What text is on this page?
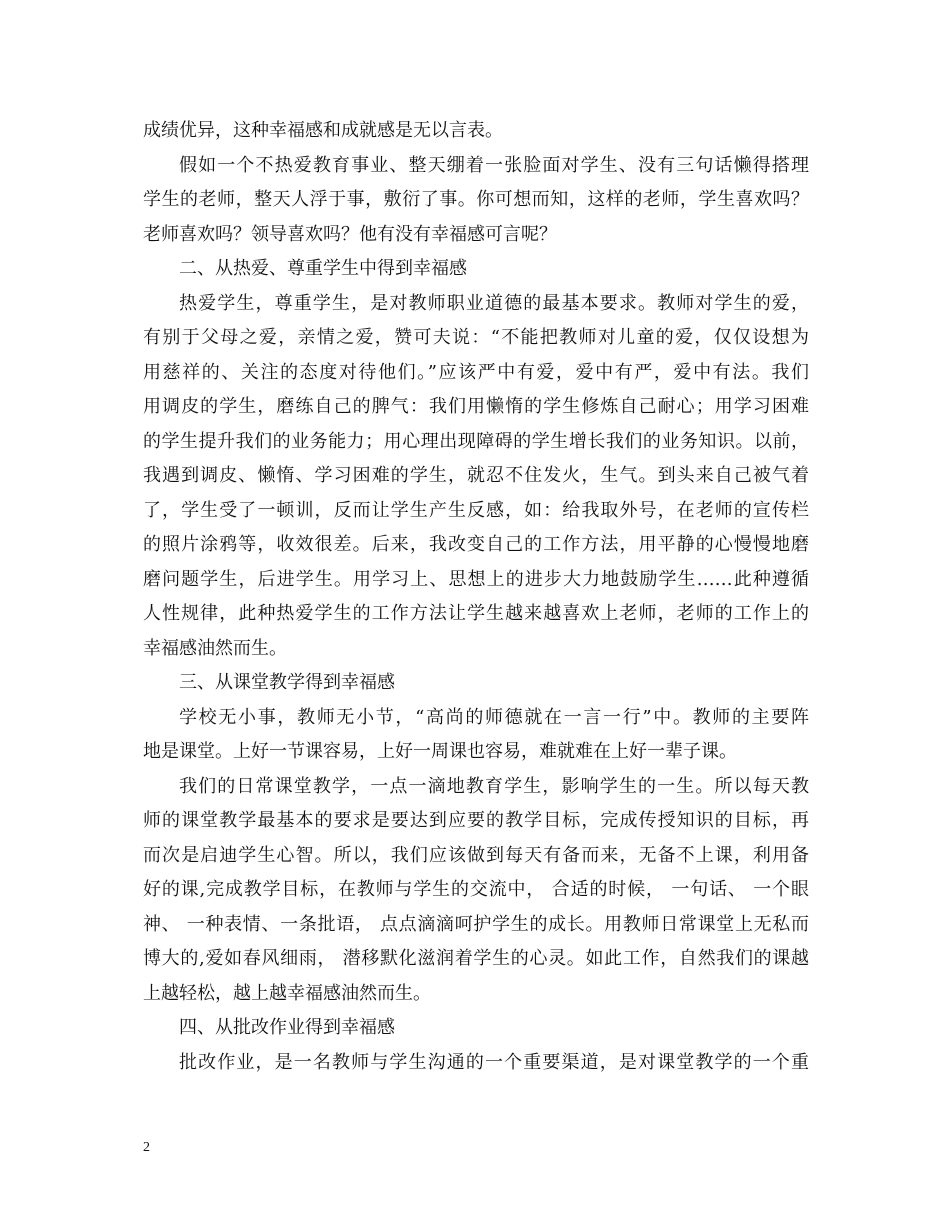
成绩优异，这种幸福感和成就感是无以言表。
假如一个不热爱教育事业、整天绷着一张脸面对学生、没有三句话懒得搭理
学生的老师，整天人浮于事，敷衍了事。你可想而知，这样的老师，学生喜欢吗？
老师喜欢吗？领导喜欢吗？他有没有幸福感可言呢？
二、从热爱、尊重学生中得到幸福感
热爱学生，尊重学生，是对教师职业道德的最基本要求。教师对学生的爱，
有别于父母之爱，亲情之爱，赞可夫说：“不能把教师对儿童的爱，仅仅设想为
用慈祥的、关注的态度对待他们。”应该严中有爱，爱中有严，爱中有法。我们
用调皮的学生，磨练自己的脾气：我们用懒惰的学生修炼自己耐心；用学习困难
的学生提升我们的业务能力；用心理出现障碍的学生增长我们的业务知识。以前，
我遇到调皮、懒惰、学习困难的学生，就忍不住发火，生气。到头来自己被气着
了，学生受了一顿训，反而让学生产生反感，如：给我取外号，在老师的宣传栏
的照片涂鸦等，收效很差。后来，我改变自己的工作方法，用平静的心慢慢地磨
磨问题学生，后进学生。用学习上、思想上的进步大力地鼓励学生……此种遵循
人性规律，此种热爱学生的工作方法让学生越来越喜欢上老师，老师的工作上的
幸福感油然而生。
三、从课堂教学得到幸福感
学校无小事，教师无小节，“高尚的师德就在一言一行”中。教师的主要阵
地是课堂。上好一节课容易，上好一周课也容易，难就难在上好一辈子课。
我们的日常课堂教学，一点一滴地教育学生，影响学生的一生。所以每天教
师的课堂教学最基本的要求是要达到应要的教学目标，完成传授知识的目标，再
而次是启迪学生心智。所以，我们应该做到每天有备而来，无备不上课，利用备
好的课,完成教学目标，在教师与学生的交流中， 合适的时候， 一句话、 一个眼
神、 一种表情、一条批语， 点点滴滴呵护学生的成长。用教师日常课堂上无私而
博大的,爱如春风细雨， 潜移默化滋润着学生的心灵。如此工作，自然我们的课越
上越轻松，越上越幸福感油然而生。
四、从批改作业得到幸福感
批改作业，是一名教师与学生沟通的一个重要渠道，是对课堂教学的一个重
2
